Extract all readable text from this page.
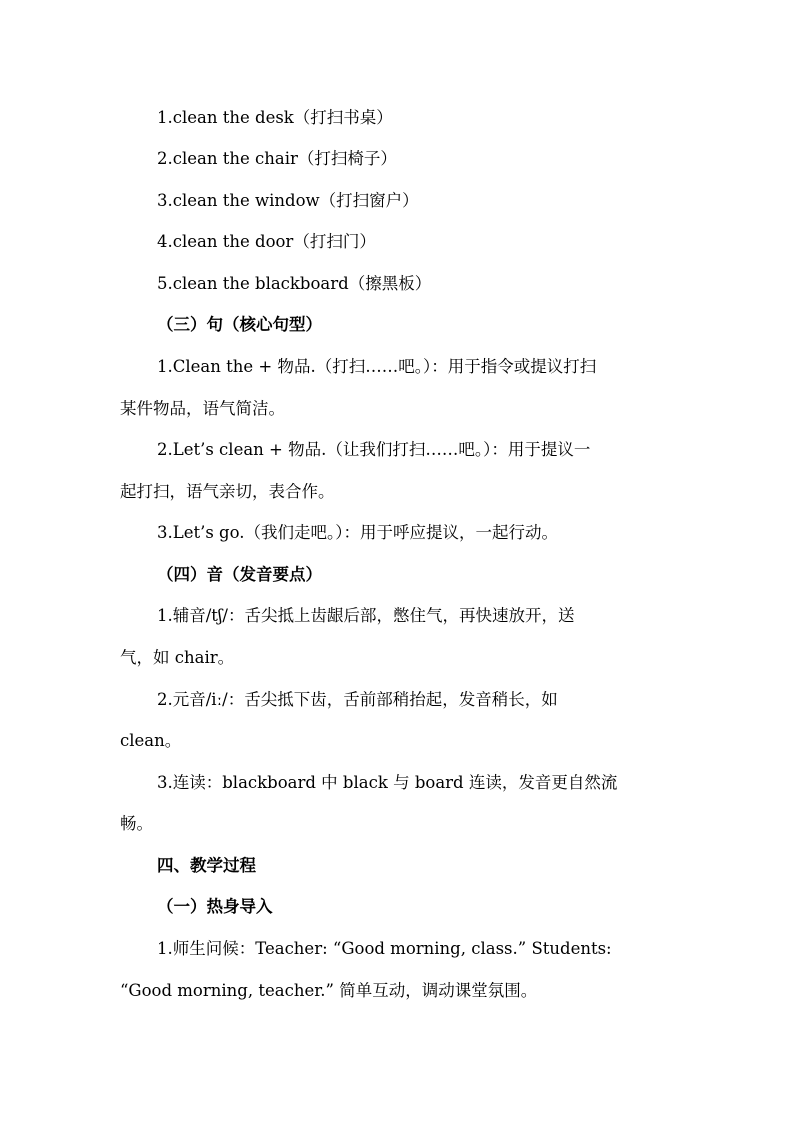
1.clean the desk（打扫书桌）
2.clean the chair（打扫椅子）
3.clean the window（打扫窗户）
4.clean the door（打扫门）
5.clean the blackboard（擦黑板）
（三）句（核心句型）
1.Clean the + 物品.（打扫……吧。）：用于指令或提议打扫
某件物品，语气简洁。
2.Let’s clean + 物品.（让我们打扫……吧。）：用于提议一
起打扫，语气亲切，表合作。
3.Let’s go.（我们走吧。）：用于呼应提议，一起行动。
（四）音（发音要点）
1.辅音/tʃ/：舌尖抵上齿龈后部，憋住气，再快速放开，送
气，如 chair。
2.元音/iː/：舌尖抵下齿，舌前部稍抬起，发音稍长，如
clean。
3.连读：blackboard 中 black 与 board 连读，发音更自然流
畅。
四、教学过程
（一）热身导入
1.师生问候：Teacher: “Good morning, class.” Students:
“Good morning, teacher.” 简单互动，调动课堂氛围。
